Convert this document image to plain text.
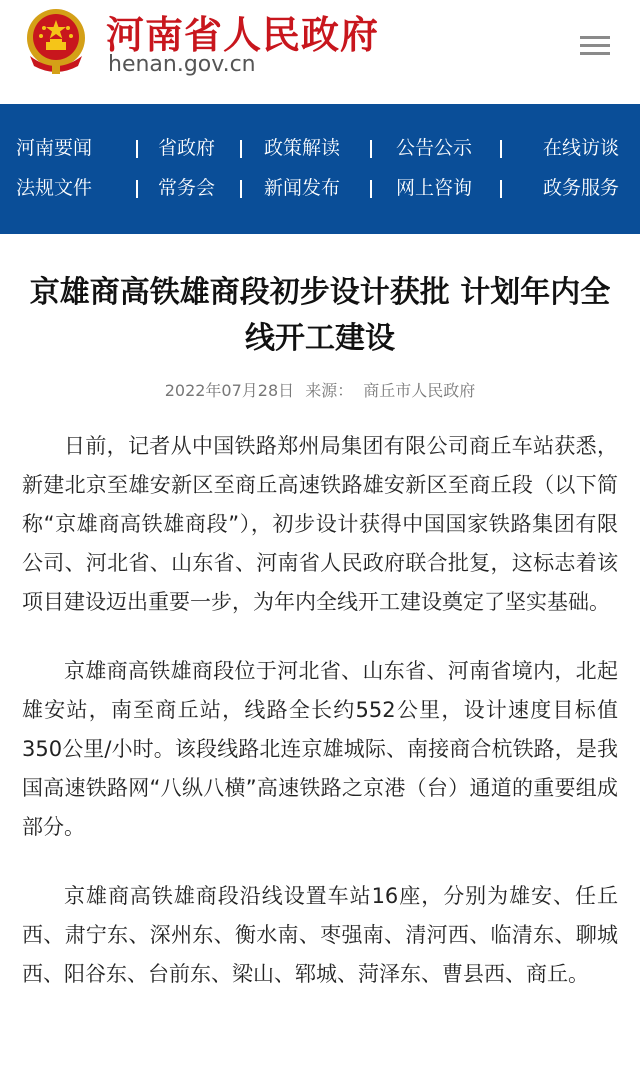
河南省人民政府
henan.gov.cn
河南要闻	省政府	政策解读	公告公示	在线访谈
法规文件	常务会	新闻发布	网上咨询	政务服务
京雄商高铁雄商段初步设计获批 计划年内全线开工建设
2022年07月28日 来源： 商丘市人民政府

日前，记者从中国铁路郑州局集团有限公司商丘车站获悉，新建北京至雄安新区至商丘高速铁路雄安新区至商丘段（以下简称“京雄商高铁雄商段”），初步设计获得中国国家铁路集团有限公司、河北省、山东省、河南省人民政府联合批复，这标志着该项目建设迈出重要一步，为年内全线开工建设奠定了坚实基础。

京雄商高铁雄商段位于河北省、山东省、河南省境内，北起雄安站，南至商丘站，线路全长约552公里，设计速度目标值350公里/小时。该段线路北连京雄城际、南接商合杭铁路，是我国高速铁路网“八纵八横”高速铁路之京港（台）通道的重要组成部分。

京雄商高铁雄商段沿线设置车站16座，分别为雄安、任丘西、肃宁东、深州东、衡水南、枣强南、清河西、临清东、聊城西、阳谷东、台前东、梁山、郓城、菏泽东、曹县西、商丘。
